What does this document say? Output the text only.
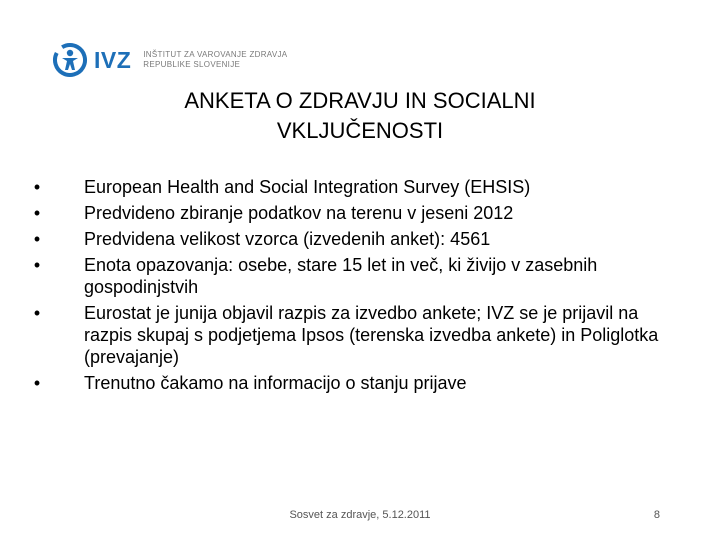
IVZ INŠTITUT ZA VAROVANJE ZDRAVJA
REPUBLIKE SLOVENIJE
ANKETA O ZDRAVJU IN SOCIALNI
VKLJUČENOSTI
• European Health and Social Integration Survey (EHSIS)
• Predvideno zbiranje podatkov na terenu v jeseni 2012
• Predvidena velikost vzorca (izvedenih anket): 4561
• Enota opazovanja: osebe, stare 15 let in več, ki živijo v zasebnih gospodinjstvih
• Eurostat je junija objavil razpis za izvedbo ankete; IVZ se je prijavil na razpis skupaj s podjetjema Ipsos (terenska izvedba ankete) in Poliglotka (prevajanje)
• Trenutno čakamo na informacijo o stanju prijave
Sosvet za zdravje, 5.12.2011	8
